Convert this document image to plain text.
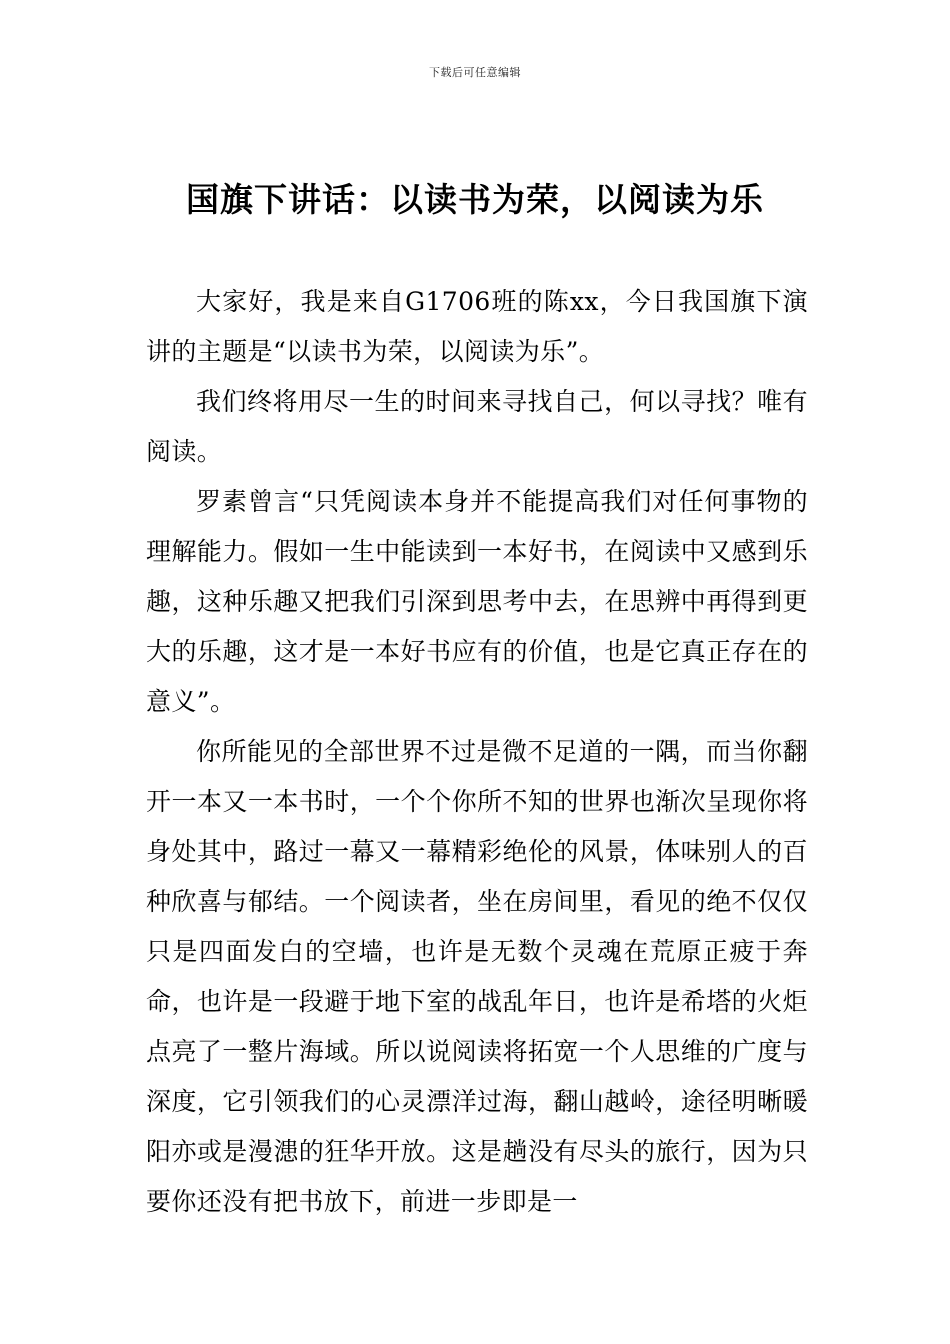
下载后可任意编辑
国旗下讲话：以读书为荣，以阅读为乐

大家好，我是来自G1706班的陈xx，今日我国旗下演讲的主题是“以读书为荣，以阅读为乐”。

我们终将用尽一生的时间来寻找自己，何以寻找？唯有阅读。

罗素曾言“只凭阅读本身并不能提高我们对任何事物的理解能力。假如一生中能读到一本好书，在阅读中又感到乐趣，这种乐趣又把我们引深到思考中去，在思辨中再得到更大的乐趣，这才是一本好书应有的价值，也是它真正存在的意义”。

你所能见的全部世界不过是微不足道的一隅，而当你翻开一本又一本书时，一个个你所不知的世界也渐次呈现你将身处其中，路过一幕又一幕精彩绝伦的风景，体味别人的百种欣喜与郁结。一个阅读者，坐在房间里，看见的绝不仅仅只是四面发白的空墙，也许是无数个灵魂在荒原正疲于奔命，也许是一段避于地下室的战乱年日，也许是希塔的火炬点亮了一整片海域。所以说阅读将拓宽一个人思维的广度与深度，它引领我们的心灵漂洋过海，翻山越岭，途径明晰暖阳亦或是漫漶的狂华开放。这是趟没有尽头的旅行，因为只要你还没有把书放下，前进一步即是一
